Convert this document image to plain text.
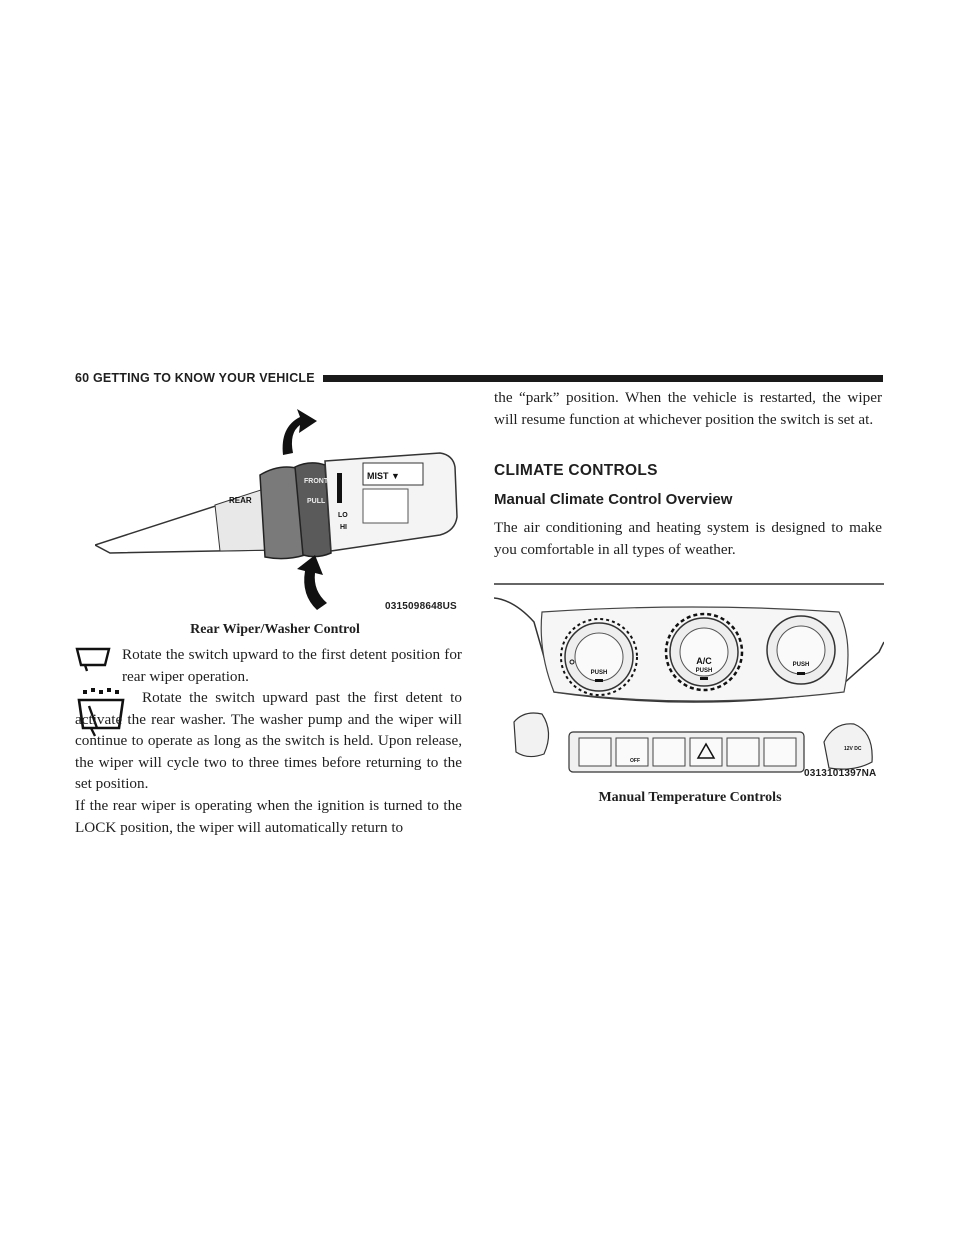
60 GETTING TO KNOW YOUR VEHICLE
REAR
FRONT
PULL
LO
HI
MIST ▼
0315098648US
Rear Wiper/Washer Control

Rotate the switch upward to the first detent position for rear wiper operation.

Rotate the switch upward past the first detent to activate the rear washer. The washer pump and the wiper will continue to operate as long as the switch is held. Upon release, the wiper will cycle two to three times before returning to the set position.

If the rear wiper is operating when the ignition is turned to the LOCK position, the wiper will automatically return to

the “park” position. When the vehicle is restarted, the wiper will resume function at whichever position the switch is set at.

CLIMATE CONTROLS
Manual Climate Control Overview

The air conditioning and heating system is designed to make you comfortable in all types of weather.

PUSH
A/C
PUSH
PUSH
OFF
12V DC
0313101397NA
Manual Temperature Controls
